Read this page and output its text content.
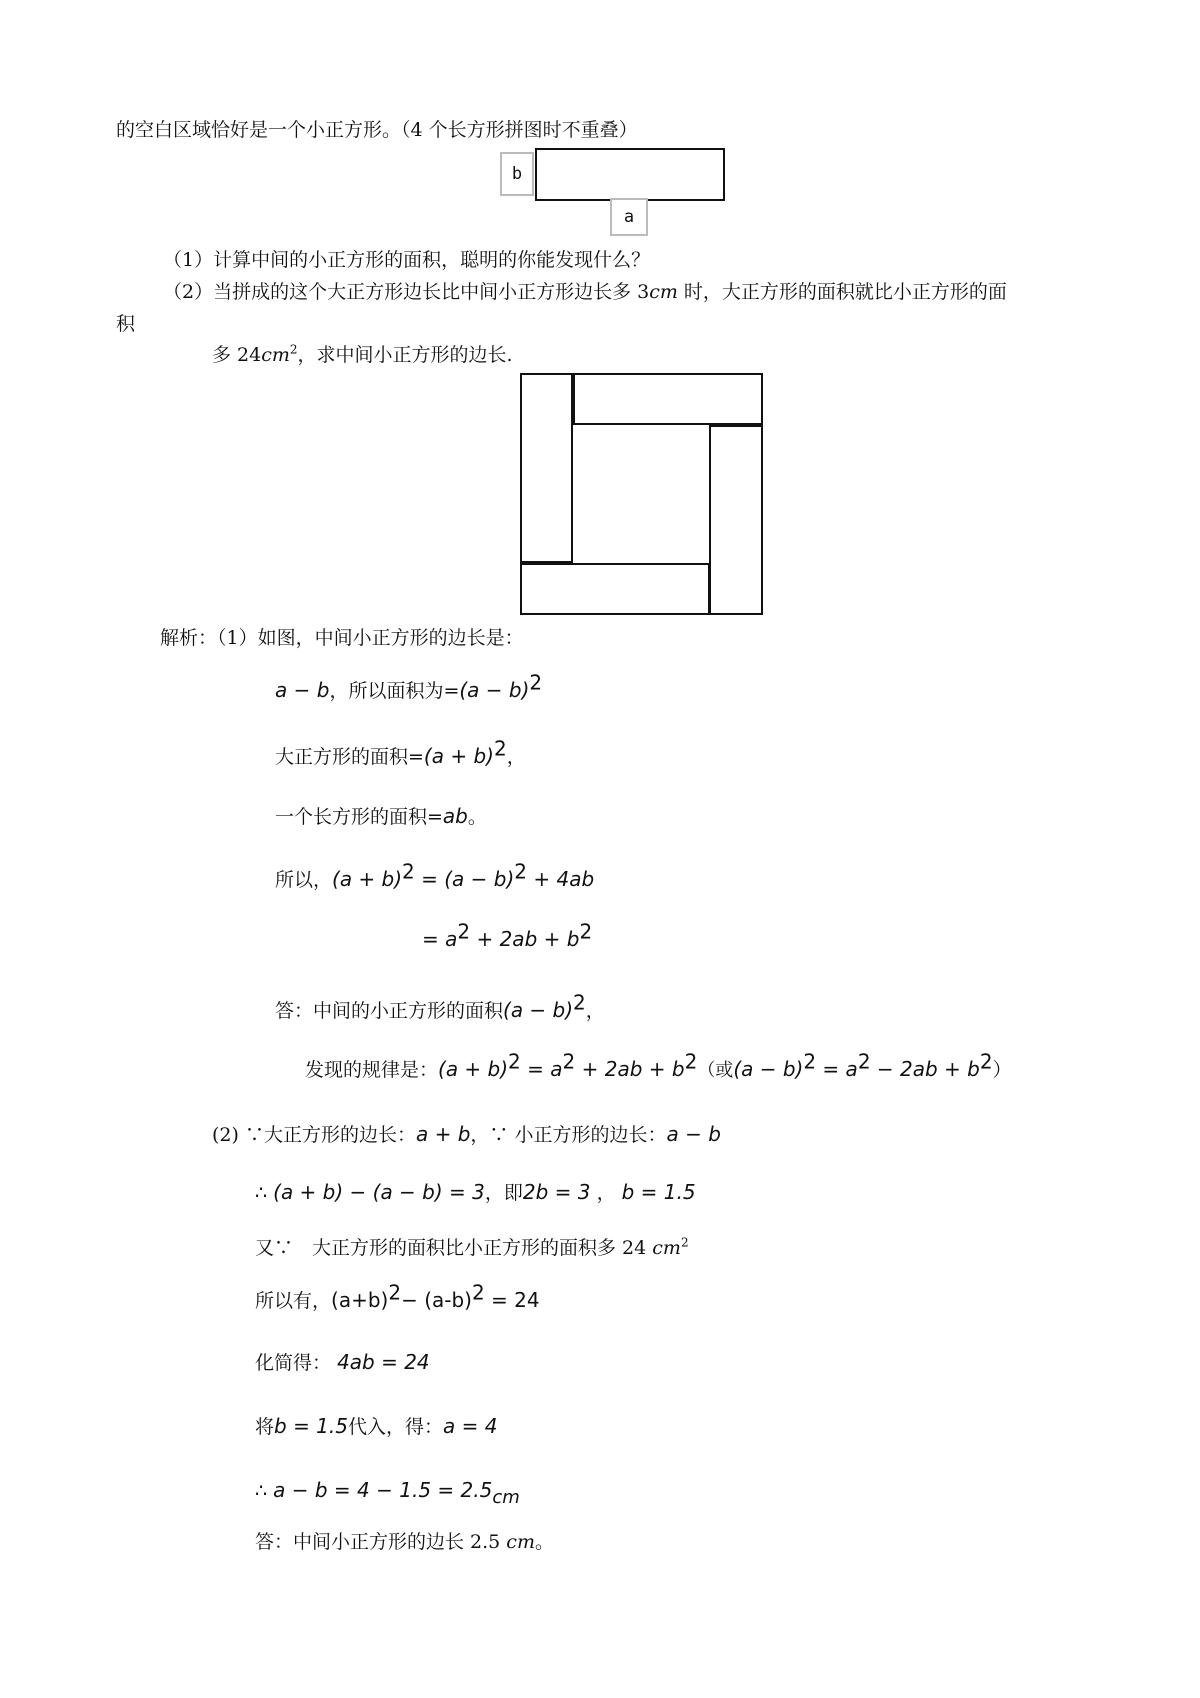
的空白区域恰好是一个小正方形。（4 个长方形拼图时不重叠）
b
a
（1）计算中间的小正方形的面积，聪明的你能发现什么？
（2）当拼成的这个大正方形边长比中间小正方形边长多 3cm 时，大正方形的面积就比小正方形的面
积
多 $24cm^2$，求中间小正方形的边长.
解析：（1）如图，中间小正方形的边长是：
a − b，所以面积为$=(a - b)^2$
大正方形的面积$=(a + b)^2$，
一个长方形的面积=ab。
所以，$(a + b)^2 = (a - b)^2 + 4ab$
= $a^2 + 2ab + b^2$
答：中间的小正方形的面积$(a - b)^2$，
发现的规律是：$(a + b)^2 = a^2 + 2ab + b^2$（或$(a - b)^2 = a^2 - 2ab + b^2$）
(2) ∵大正方形的边长：a + b，∵ 小正方形的边长：a − b
∴ (a + b) − (a − b) = 3，即2b = 3 ， b = 1.5
又∵　大正方形的面积比小正方形的面积多 24 $cm^2$
所以有，$(a+b)^2- (a-b)^2 = 24$
化简得： 4ab = 24
将b = 1.5代入，得：a = 4
∴ a − b = 4 − 1.5 = 2.5cm
答：中间小正方形的边长 2.5 cm。
